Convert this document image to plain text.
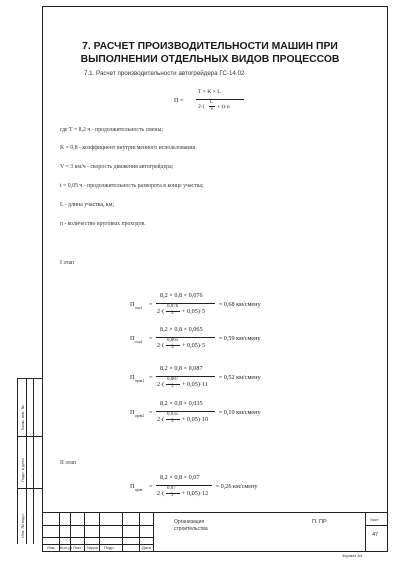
Взам. инв. №
Подп. и дата
Инв. № подл.
7. РАСЧЕТ ПРОИЗВОДИТЕЛЬНОСТИ МАШИН ПРИ
ВЫПОЛНЕНИИ ОТДЕЛЬНЫХ ВИДОВ ПРОЦЕССОВ
7.1. Расчет производительности автогрейдера ГС-14.02
П =
T × K × L
2·(
L
V + t)·n
где T = 8,2 ч - продолжительность смены;
K = 0,8 - коэффициент внутрисменного использования
V = 3 км/ч - скорость движения автогрейдера;
t = 0,05 ч - продолжительность разворота в конце участка;
L - длина участка, км;
n - количество круговых проходов.
I этап
II этап
П осн1 =
8,2 × 0,8 × 0,076
2·(
0,076
3 + 0,05)·5
= 0,68 км/смену
П осн2 =
8,2 × 0,8 × 0,065
2·(
0,065
3 + 0,05)·5
= 0,59 км/смену
П пров1 =
8,2 × 0,8 × 0,087
2·(
0,087
3 + 0,05)·11
= 0,52 км/смену
П пров2 =
8,2 × 0,8 × 0,035
2·(
0,035
3 + 0,05)·10
= 0,19 км/смену
П пров =
8,2 × 0,8 × 0,07
2·(
0,07
3 + 0,05)·12
= 0,26 км/смену
Изм. Кол.уч Лист №док. Подп.	Дата
Организация
строительства
П. ПР	Лист
47
Формат А4
